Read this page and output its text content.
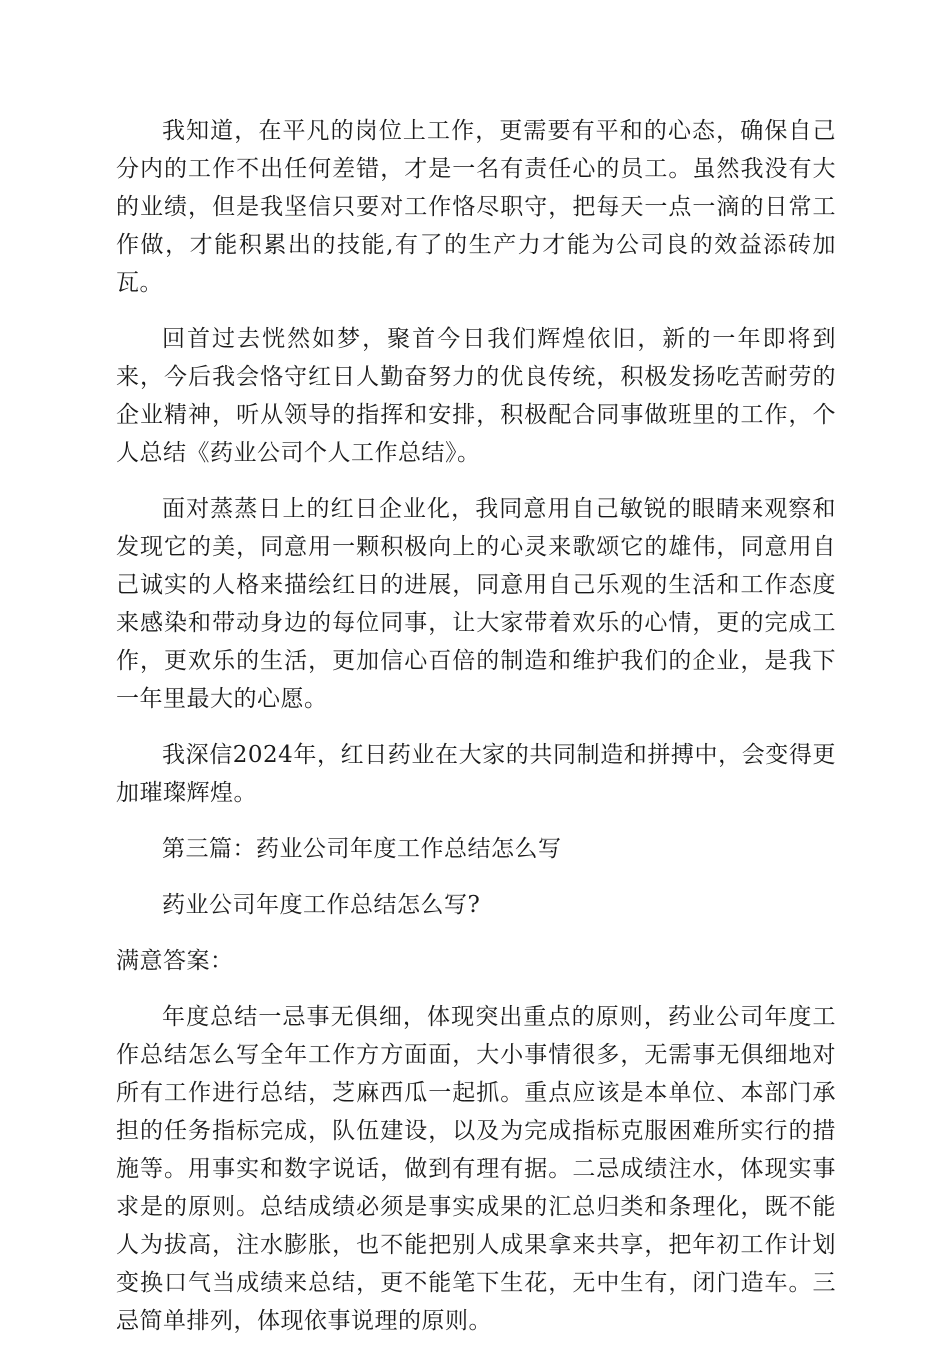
我知道，在平凡的岗位上工作，更需要有平和的心态，确保自己分内的工作不出任何差错，才是一名有责任心的员工。虽然我没有大的业绩，但是我坚信只要对工作恪尽职守，把每天一点一滴的日常工作做，才能积累出的技能,有了的生产力才能为公司良的效益添砖加瓦。

回首过去恍然如梦，聚首今日我们辉煌依旧，新的一年即将到来，今后我会恪守红日人勤奋努力的优良传统，积极发扬吃苦耐劳的企业精神，听从领导的指挥和安排，积极配合同事做班里的工作，个人总结《药业公司个人工作总结》。

面对蒸蒸日上的红日企业化，我同意用自己敏锐的眼睛来观察和发现它的美，同意用一颗积极向上的心灵来歌颂它的雄伟，同意用自己诚实的人格来描绘红日的进展，同意用自己乐观的生活和工作态度来感染和带动身边的每位同事，让大家带着欢乐的心情，更的完成工作，更欢乐的生活，更加信心百倍的制造和维护我们的企业，是我下一年里最大的心愿。

我深信2024年，红日药业在大家的共同制造和拼搏中，会变得更加璀璨辉煌。

第三篇：药业公司年度工作总结怎么写

药业公司年度工作总结怎么写?

满意答案：

年度总结一忌事无俱细，体现突出重点的原则，药业公司年度工作总结怎么写全年工作方方面面，大小事情很多，无需事无俱细地对所有工作进行总结，芝麻西瓜一起抓。重点应该是本单位、本部门承担的任务指标完成，队伍建设，以及为完成指标克服困难所实行的措施等。用事实和数字说话，做到有理有据。二忌成绩注水，体现实事求是的原则。总结成绩必须是事实成果的汇总归类和条理化，既不能人为拔高，注水膨胀，也不能把别人成果拿来共享，把年初工作计划变换口气当成绩来总结，更不能笔下生花，无中生有，闭门造车。三忌简单排列，体现依事说理的原则。
